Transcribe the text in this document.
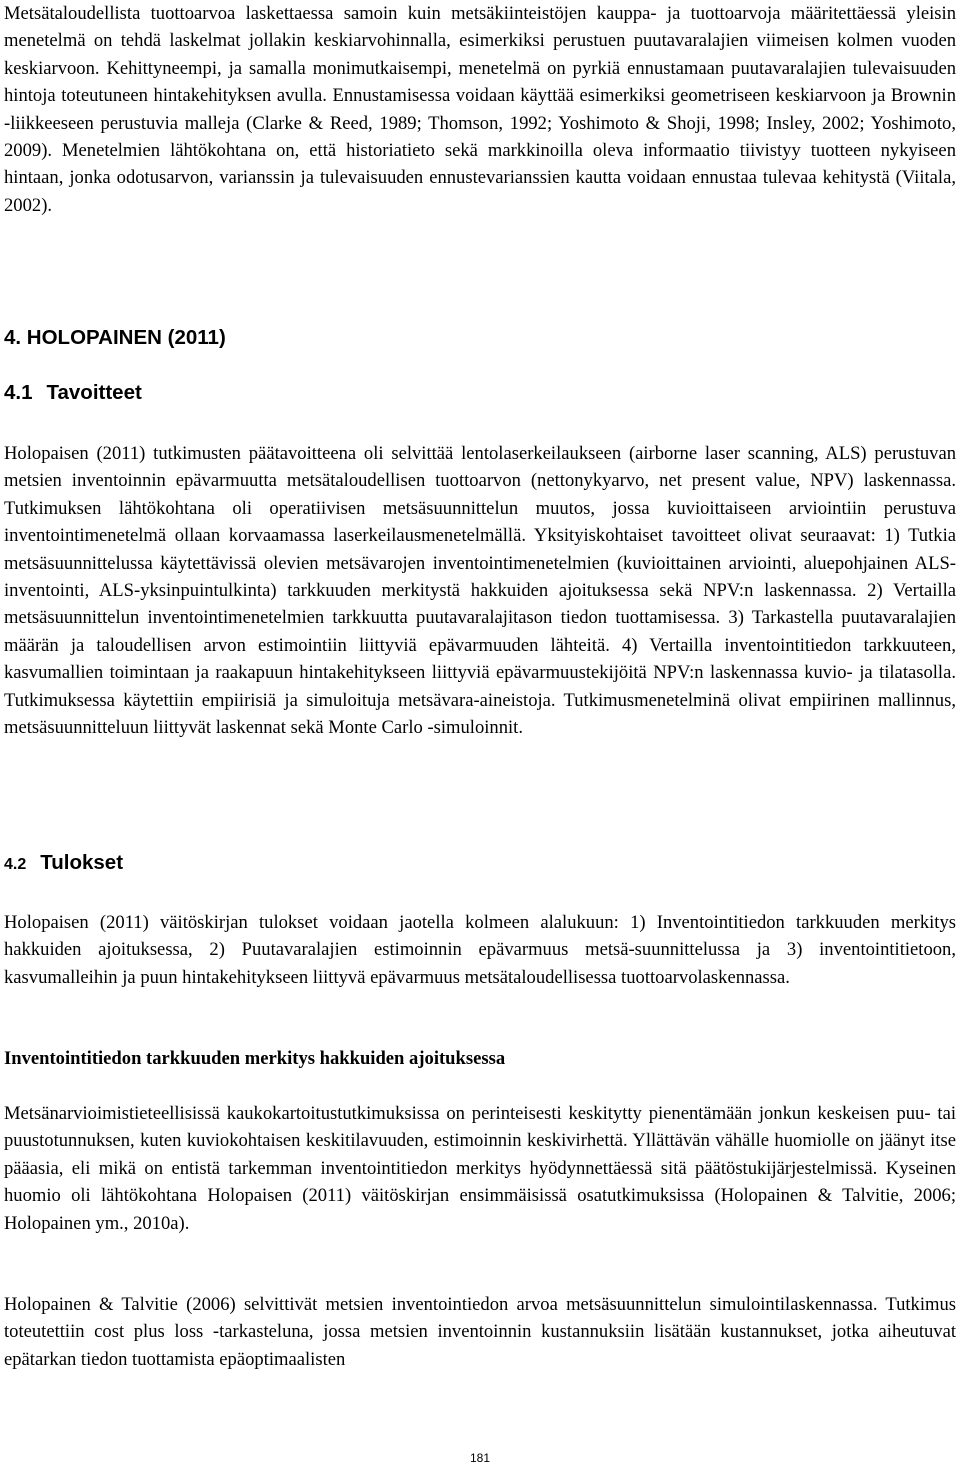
Metsätaloudellista tuottoarvoa laskettaessa samoin kuin metsäkiinteistöjen kauppa- ja tuottoarvoja määritettäessä yleisin menetelmä on tehdä laskelmat jollakin keskiarvohinnalla, esimerkiksi perustuen puutavaralajien viimeisen kolmen vuoden keskiarvoon. Kehittyneempi, ja samalla monimutkaisempi, menetelmä on pyrkiä ennustamaan puutavaralajien tulevaisuuden hintoja toteutuneen hintakehityksen avulla. Ennustamisessa voidaan käyttää esimerkiksi geometriseen keskiarvoon ja Brownin -liikkeeseen perustuvia malleja (Clarke & Reed, 1989; Thomson, 1992; Yoshimoto & Shoji, 1998; Insley, 2002; Yoshimoto, 2009). Menetelmien lähtökohtana on, että historiatieto sekä markkinoilla oleva informaatio tiivistyy tuotteen nykyiseen hintaan, jonka odotusarvon, varianssin ja tulevaisuuden ennustevarianssien kautta voidaan ennustaa tulevaa kehitystä (Viitala, 2002).

4. HOLOPAINEN (2011)
4.1 Tavoitteet

Holopaisen (2011) tutkimusten päätavoitteena oli selvittää lentolaserkeilaukseen (airborne laser scanning, ALS) perustuvan metsien inventoinnin epävarmuutta metsätaloudellisen tuottoarvon (nettonykyarvo, net present value, NPV) laskennassa. Tutkimuksen lähtökohtana oli operatiivisen metsäsuunnittelun muutos, jossa kuvioittaiseen arviointiin perustuva inventointimenetelmä ollaan korvaamassa laserkeilausmenetelmällä. Yksityiskohtaiset tavoitteet olivat seuraavat: 1) Tutkia metsäsuunnittelussa käytettävissä olevien metsävarojen inventointimenetelmien (kuvioittainen arviointi, aluepohjainen ALS-inventointi, ALS-yksinpuintulkinta) tarkkuuden merkitystä hakkuiden ajoituksessa sekä NPV:n laskennassa. 2) Vertailla metsäsuunnittelun inventointimenetelmien tarkkuutta puutavaralajitason tiedon tuottamisessa. 3) Tarkastella puutavaralajien määrän ja taloudellisen arvon estimointiin liittyviä epävarmuuden lähteitä. 4) Vertailla inventointitiedon tarkkuuteen, kasvumallien toimintaan ja raakapuun hintakehitykseen liittyviä epävarmuustekijöitä NPV:n laskennassa kuvio- ja tilatasolla. Tutkimuksessa käytettiin empiirisiä ja simuloituja metsävara-aineistoja. Tutkimusmenetelminä olivat empiirinen mallinnus, metsäsuunnitteluun liittyvät laskennat sekä Monte Carlo -simuloinnit.

4.2 Tulokset

Holopaisen (2011) väitöskirjan tulokset voidaan jaotella kolmeen alalukuun: 1) Inventointitiedon tarkkuuden merkitys hakkuiden ajoituksessa, 2) Puutavaralajien estimoinnin epävarmuus metsä-suunnittelussa ja 3) inventointitietoon, kasvumalleihin ja puun hintakehitykseen liittyvä epävarmuus metsätaloudellisessa tuottoarvolaskennassa.

Inventointitiedon tarkkuuden merkitys hakkuiden ajoituksessa

Metsänarvioimistieteellisissä kaukokartoitustutkimuksissa on perinteisesti keskitytty pienentämään jonkun keskeisen puu- tai puustotunnuksen, kuten kuviokohtaisen keskitilavuuden, estimoinnin keskivirhettä. Yllättävän vähälle huomiolle on jäänyt itse pääasia, eli mikä on entistä tarkemman inventointitiedon merkitys hyödynnettäessä sitä päätöstukijärjestelmissä. Kyseinen huomio oli lähtökohtana Holopaisen (2011) väitöskirjan ensimmäisissä osatutkimuksissa (Holopainen & Talvitie, 2006; Holopainen ym., 2010a).

Holopainen & Talvitie (2006) selvittivät metsien inventointiedon arvoa metsäsuunnittelun simulointilaskennassa. Tutkimus toteutettiin cost plus loss -tarkasteluna, jossa metsien inventoinnin kustannuksiin lisätään kustannukset, jotka aiheutuvat epätarkan tiedon tuottamista epäoptimaalisten

181
